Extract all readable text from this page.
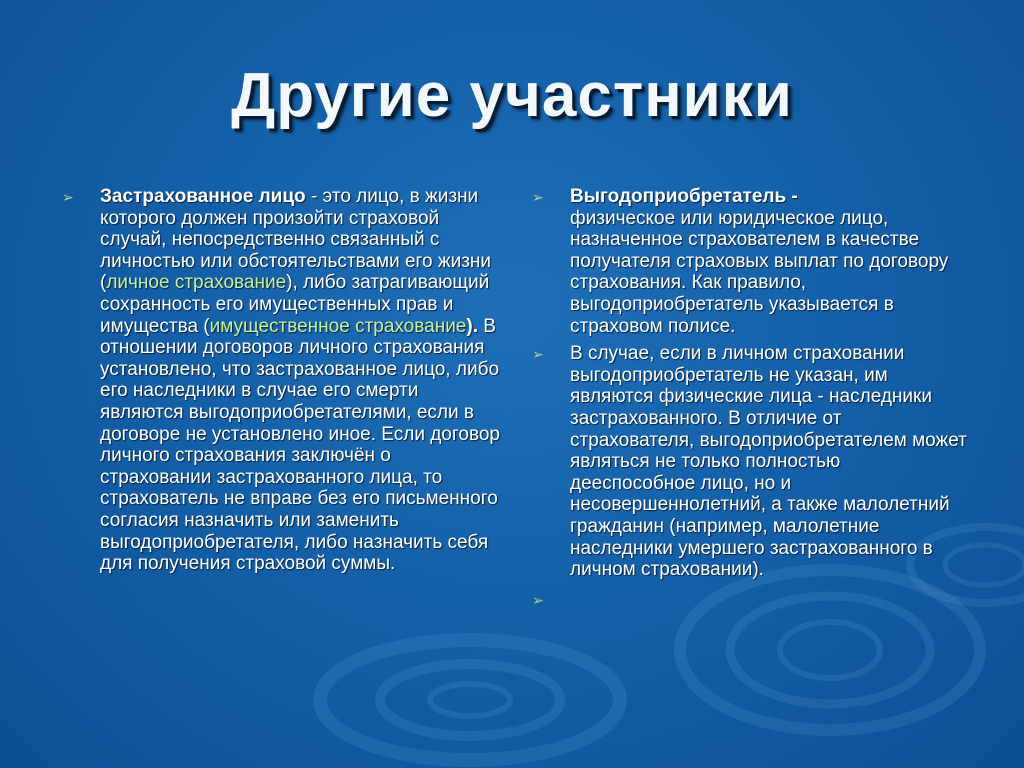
Другие участники
➢ Застрахованное лицо - это лицо, в жизни которого должен произойти страховой случай, непосредственно связанный с личностью или обстоятельствами его жизни (личное страхование), либо затрагивающий сохранность его имущественных прав и имущества (имущественное страхование). В отношении договоров личного страхования установлено, что застрахованное лицо, либо его наследники в случае его смерти являются выгодоприобретателями, если в договоре не установлено иное. Если договор личного страхования заключён о страховании застрахованного лица, то страхователь не вправе без его письменного согласия назначить или заменить выгодоприобретателя, либо назначить себя для получения страховой суммы.
➢ Выгодоприобретатель -
физическое или юридическое лицо, назначенное страхователем в качестве получателя страховых выплат по договору страхования. Как правило, выгодоприобретатель указывается в страховом полисе.
➢ В случае, если в личном страховании выгодоприобретатель не указан, им являются физические лица - наследники застрахованного. В отличие от страхователя, выгодоприобретателем может являться не только полностью дееспособное лицо, но и несовершеннолетний, а также малолетний гражданин (например, малолетние наследники умершего застрахованного в личном страховании).
➢
